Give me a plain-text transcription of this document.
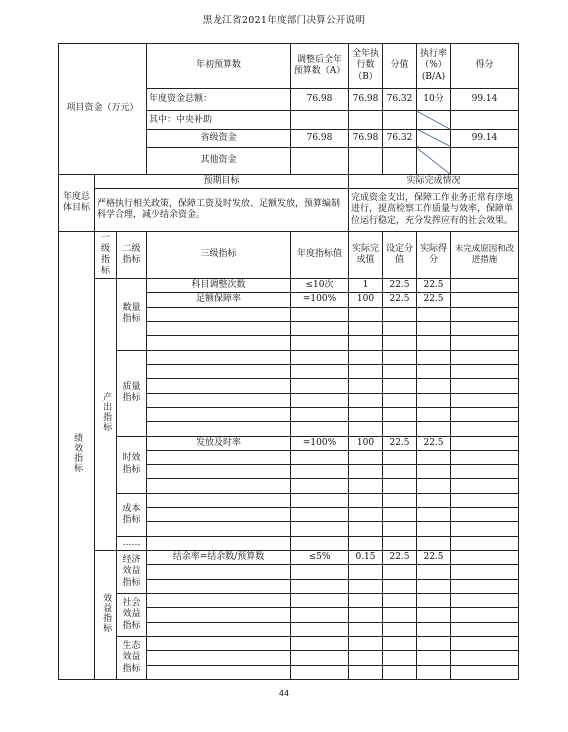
黑龙江省2021年度部门决算公开说明
项目资金（万元）			年初预算数	调整后全年预算数（A）	全年执行数（B）	分值	执行率（%）(B/A)	得分	
			年度资金总额：	76.98	76.98	76.32	10分	99.14	
			其中：中央补助						
			省级资金	76.98	76.98	76.32		99.14	
			其他资金						
年度总体目标	预期目标				实际完成情况				
	严格执行相关政策，保障工资及时发放、足额发放，预算编制科学合理，减少结余资金。				完成资金支出，保障工作业务正常有序地进行，提高检察工作质量与效率，保障单位运行稳定，充分发挥应有的社会效果。				
绩效指标	一级指标	二级指标	三级指标	年度指标值	实际完成值	设定分值	实际得分	未完成原因和改进措施	
	产出指标	数量指标	科目调整次数	≤10次	1	22.5	22.5		
			足额保障率	=100%	100	22.5	22.5		

		质量指标							

		时效指标	发放及时率	=100%	100	22.5	22.5		

		成本指标							

		……							
	效益指标	经济效益指标	结余率=结余数/预算数	≤5%	0.15	22.5	22.5		

		社会效益指标							

		生态效益指标							

44
